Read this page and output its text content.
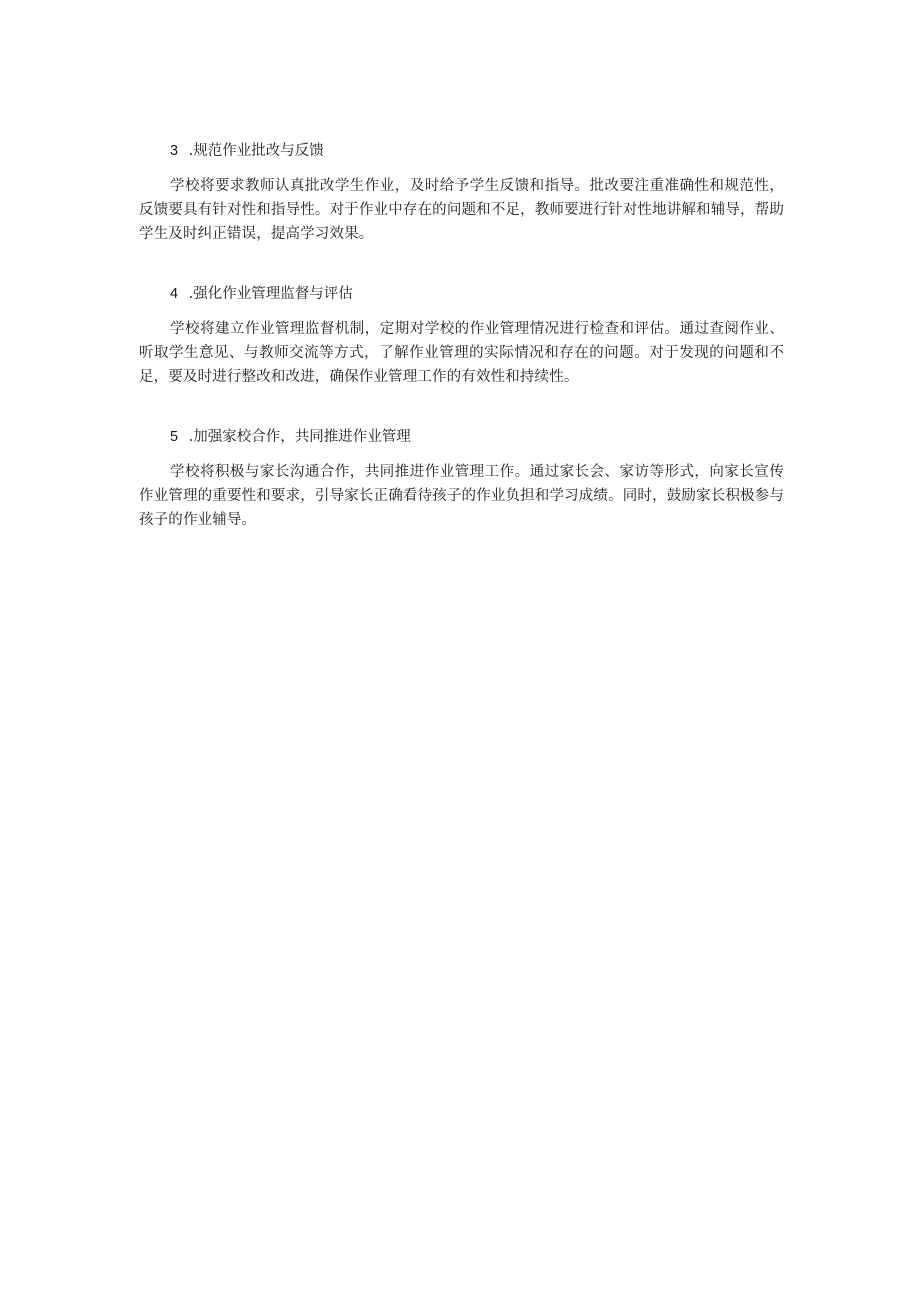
3 .规范作业批改与反馈
学校将要求教师认真批改学生作业，及时给予学生反馈和指导。批改要注重准确性和规范性，反馈要具有针对性和指导性。对于作业中存在的问题和不足，教师要进行针对性地讲解和辅导，帮助学生及时纠正错误，提高学习效果。
4 .强化作业管理监督与评估
学校将建立作业管理监督机制，定期对学校的作业管理情况进行检查和评估。通过查阅作业、听取学生意见、与教师交流等方式，了解作业管理的实际情况和存在的问题。对于发现的问题和不足，要及时进行整改和改进，确保作业管理工作的有效性和持续性。
5 .加强家校合作，共同推进作业管理
学校将积极与家长沟通合作，共同推进作业管理工作。通过家长会、家访等形式，向家长宣传作业管理的重要性和要求，引导家长正确看待孩子的作业负担和学习成绩。同时，鼓励家长积极参与孩子的作业辅导。
